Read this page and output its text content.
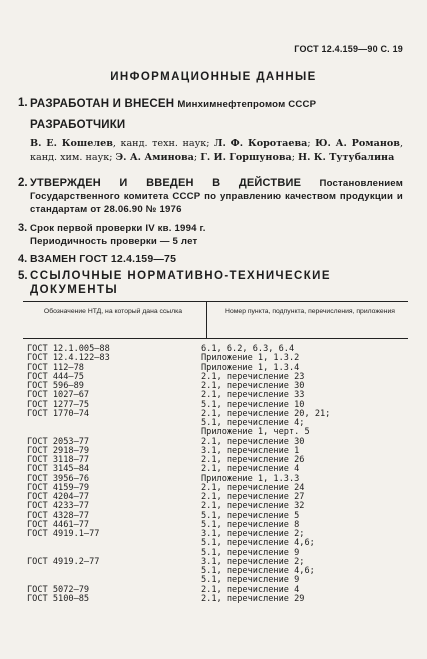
ГОСТ 12.4.159—90 С. 19
ИНФОРМАЦИОННЫЕ ДАННЫЕ
1. РАЗРАБОТАН И ВНЕСЕН Минхимнефтепромом СССР
РАЗРАБОТЧИКИ
В. Е. Кошелев, канд. техн. наук; Л. Ф. Коротаева; Ю. А. Романов, канд. хим. наук; Э. А. Аминова; Г. И. Горшунова; Н. К. Тутубалина
2. УТВЕРЖДЕН И ВВЕДЕН В ДЕЙСТВИЕ Постановлением Государственного комитета СССР по управлению качеством продукции и стандартам от 28.06.90 № 1976
3. Срок первой проверки IV кв. 1994 г.
Периодичность проверки — 5 лет
4. ВЗАМЕН ГОСТ 12.4.159—75
5. ССЫЛОЧНЫЕ НОРМАТИВНО-ТЕХНИЧЕСКИЕ ДОКУМЕНТЫ
Обозначение НТД, на который дана ссылка	Номер пункта, подпункта, перечисления, приложения
ГОСТ 12.1.005—88	6.1, 6.2, 6.3, 6.4
ГОСТ 12.4.122—83	Приложение 1, 1.3.2
ГОСТ 112—78	Приложение 1, 1.3.4
ГОСТ 444—75	2.1, перечисление 23
ГОСТ 596—89	2.1, перечисление 30
ГОСТ 1027—67	2.1, перечисление 33
ГОСТ 1277—75	5.1, перечисление 10
ГОСТ 1770—74	2.1, перечисление 20, 21;
5.1, перечисление 4;
Приложение 1, черт. 5
ГОСТ 2053—77	2.1, перечисление 30
ГОСТ 2918—79	3.1, перечисление 1
ГОСТ 3118—77	2.1, перечисление 26
ГОСТ 3145—84	2.1, перечисление 4
ГОСТ 3956—76	Приложение 1, 1.3.3
ГОСТ 4159—79	2.1, перечисление 24
ГОСТ 4204—77	2.1, перечисление 27
ГОСТ 4233—77	2.1, перечисление 32
ГОСТ 4328—77	5.1, перечисление 5
ГОСТ 4461—77	5.1, перечисление 8
ГОСТ 4919.1—77	3.1, перечисление 2;
5.1, перечисление 4,6;
5.1, перечисление 9
ГОСТ 4919.2—77	3.1, перечисление 2;
5.1, перечисление 4,6;
5.1, перечисление 9
ГОСТ 5072—79	2.1, перечисление 4
ГОСТ 5100—85	2.1, перечисление 29
